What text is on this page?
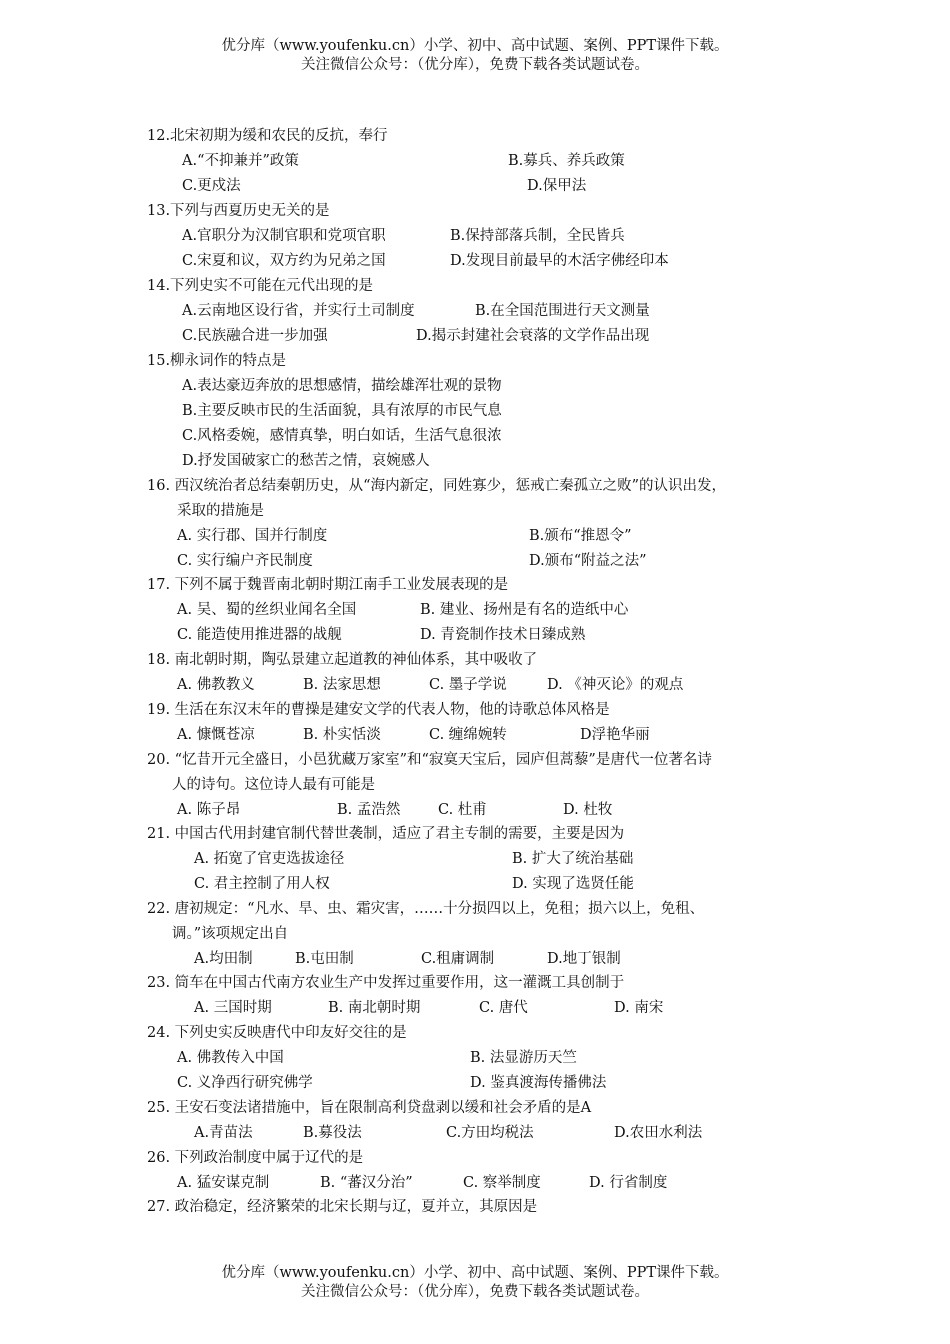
优分库（www.youfenku.cn）小学、初中、高中试题、案例、PPT课件下载。
关注微信公众号：（优分库），免费下载各类试题试卷。
12.北宋初期为缓和农民的反抗，奉行
A.“不抑兼并”政策	B.募兵、养兵政策
C.更戍法	D.保甲法
13.下列与西夏历史无关的是
A.官职分为汉制官职和党项官职	B.保持部落兵制，全民皆兵
C.宋夏和议，双方约为兄弟之国	D.发现目前最早的木活字佛经印本
14.下列史实不可能在元代出现的是
A.云南地区设行省，并实行土司制度	B.在全国范围进行天文测量
C.民族融合进一步加强	D.揭示封建社会衰落的文学作品出现
15.柳永词作的特点是
A.表达豪迈奔放的思想感情，描绘雄浑壮观的景物
B.主要反映市民的生活面貌，具有浓厚的市民气息
C.风格委婉，感情真挚，明白如话，生活气息很浓
D.抒发国破家亡的愁苦之情，哀婉感人
16. 西汉统治者总结秦朝历史，从“海内新定，同姓寡少，惩戒亡秦孤立之败”的认识出发，
采取的措施是
A. 实行郡、国并行制度	B.颁布“推恩令”
C. 实行编户齐民制度	D.颁布“附益之法”
17. 下列不属于魏晋南北朝时期江南手工业发展表现的是
A. 吴、蜀的丝织业闻名全国	B. 建业、扬州是有名的造纸中心
C. 能造使用推进器的战舰	D. 青瓷制作技术日臻成熟
18. 南北朝时期，陶弘景建立起道教的神仙体系，其中吸收了
A. 佛教教义	B. 法家思想	C. 墨子学说	D. 《神灭论》的观点
19. 生活在东汉末年的曹操是建安文学的代表人物，他的诗歌总体风格是
A. 慷慨苍凉	B. 朴实恬淡	C. 缠绵婉转	D浮艳华丽
20. “忆昔开元全盛日，小邑犹藏万家室”和“寂寞天宝后，园庐但蒿藜”是唐代一位著名诗
人的诗句。这位诗人最有可能是
A. 陈子昂	B. 孟浩然	C. 杜甫	D. 杜牧
21. 中国古代用封建官制代替世袭制，适应了君主专制的需要，主要是因为
A. 拓宽了官吏选拔途径	B. 扩大了统治基础
C. 君主控制了用人权	D. 实现了选贤任能
22. 唐初规定：“凡水、旱、虫、霜灾害，……十分损四以上，免租；损六以上，免租、
调。”该项规定出自
A.均田制	B.屯田制	C.租庸调制	D.地丁银制
23. 筒车在中国古代南方农业生产中发挥过重要作用，这一灌溉工具创制于
A. 三国时期	B. 南北朝时期	C. 唐代	D. 南宋
24. 下列史实反映唐代中印友好交往的是
A. 佛教传入中国	B. 法显游历天竺
C. 义净西行研究佛学	D. 鉴真渡海传播佛法
25. 王安石变法诸措施中，旨在限制高利贷盘剥以缓和社会矛盾的是A
A.青苗法	B.募役法	C.方田均税法	D.农田水利法
26. 下列政治制度中属于辽代的是
A. 猛安谋克制	B. “蕃汉分治”	C. 察举制度	D. 行省制度
27. 政治稳定，经济繁荣的北宋长期与辽，夏并立，其原因是
优分库（www.youfenku.cn）小学、初中、高中试题、案例、PPT课件下载。
关注微信公众号：（优分库），免费下载各类试题试卷。
